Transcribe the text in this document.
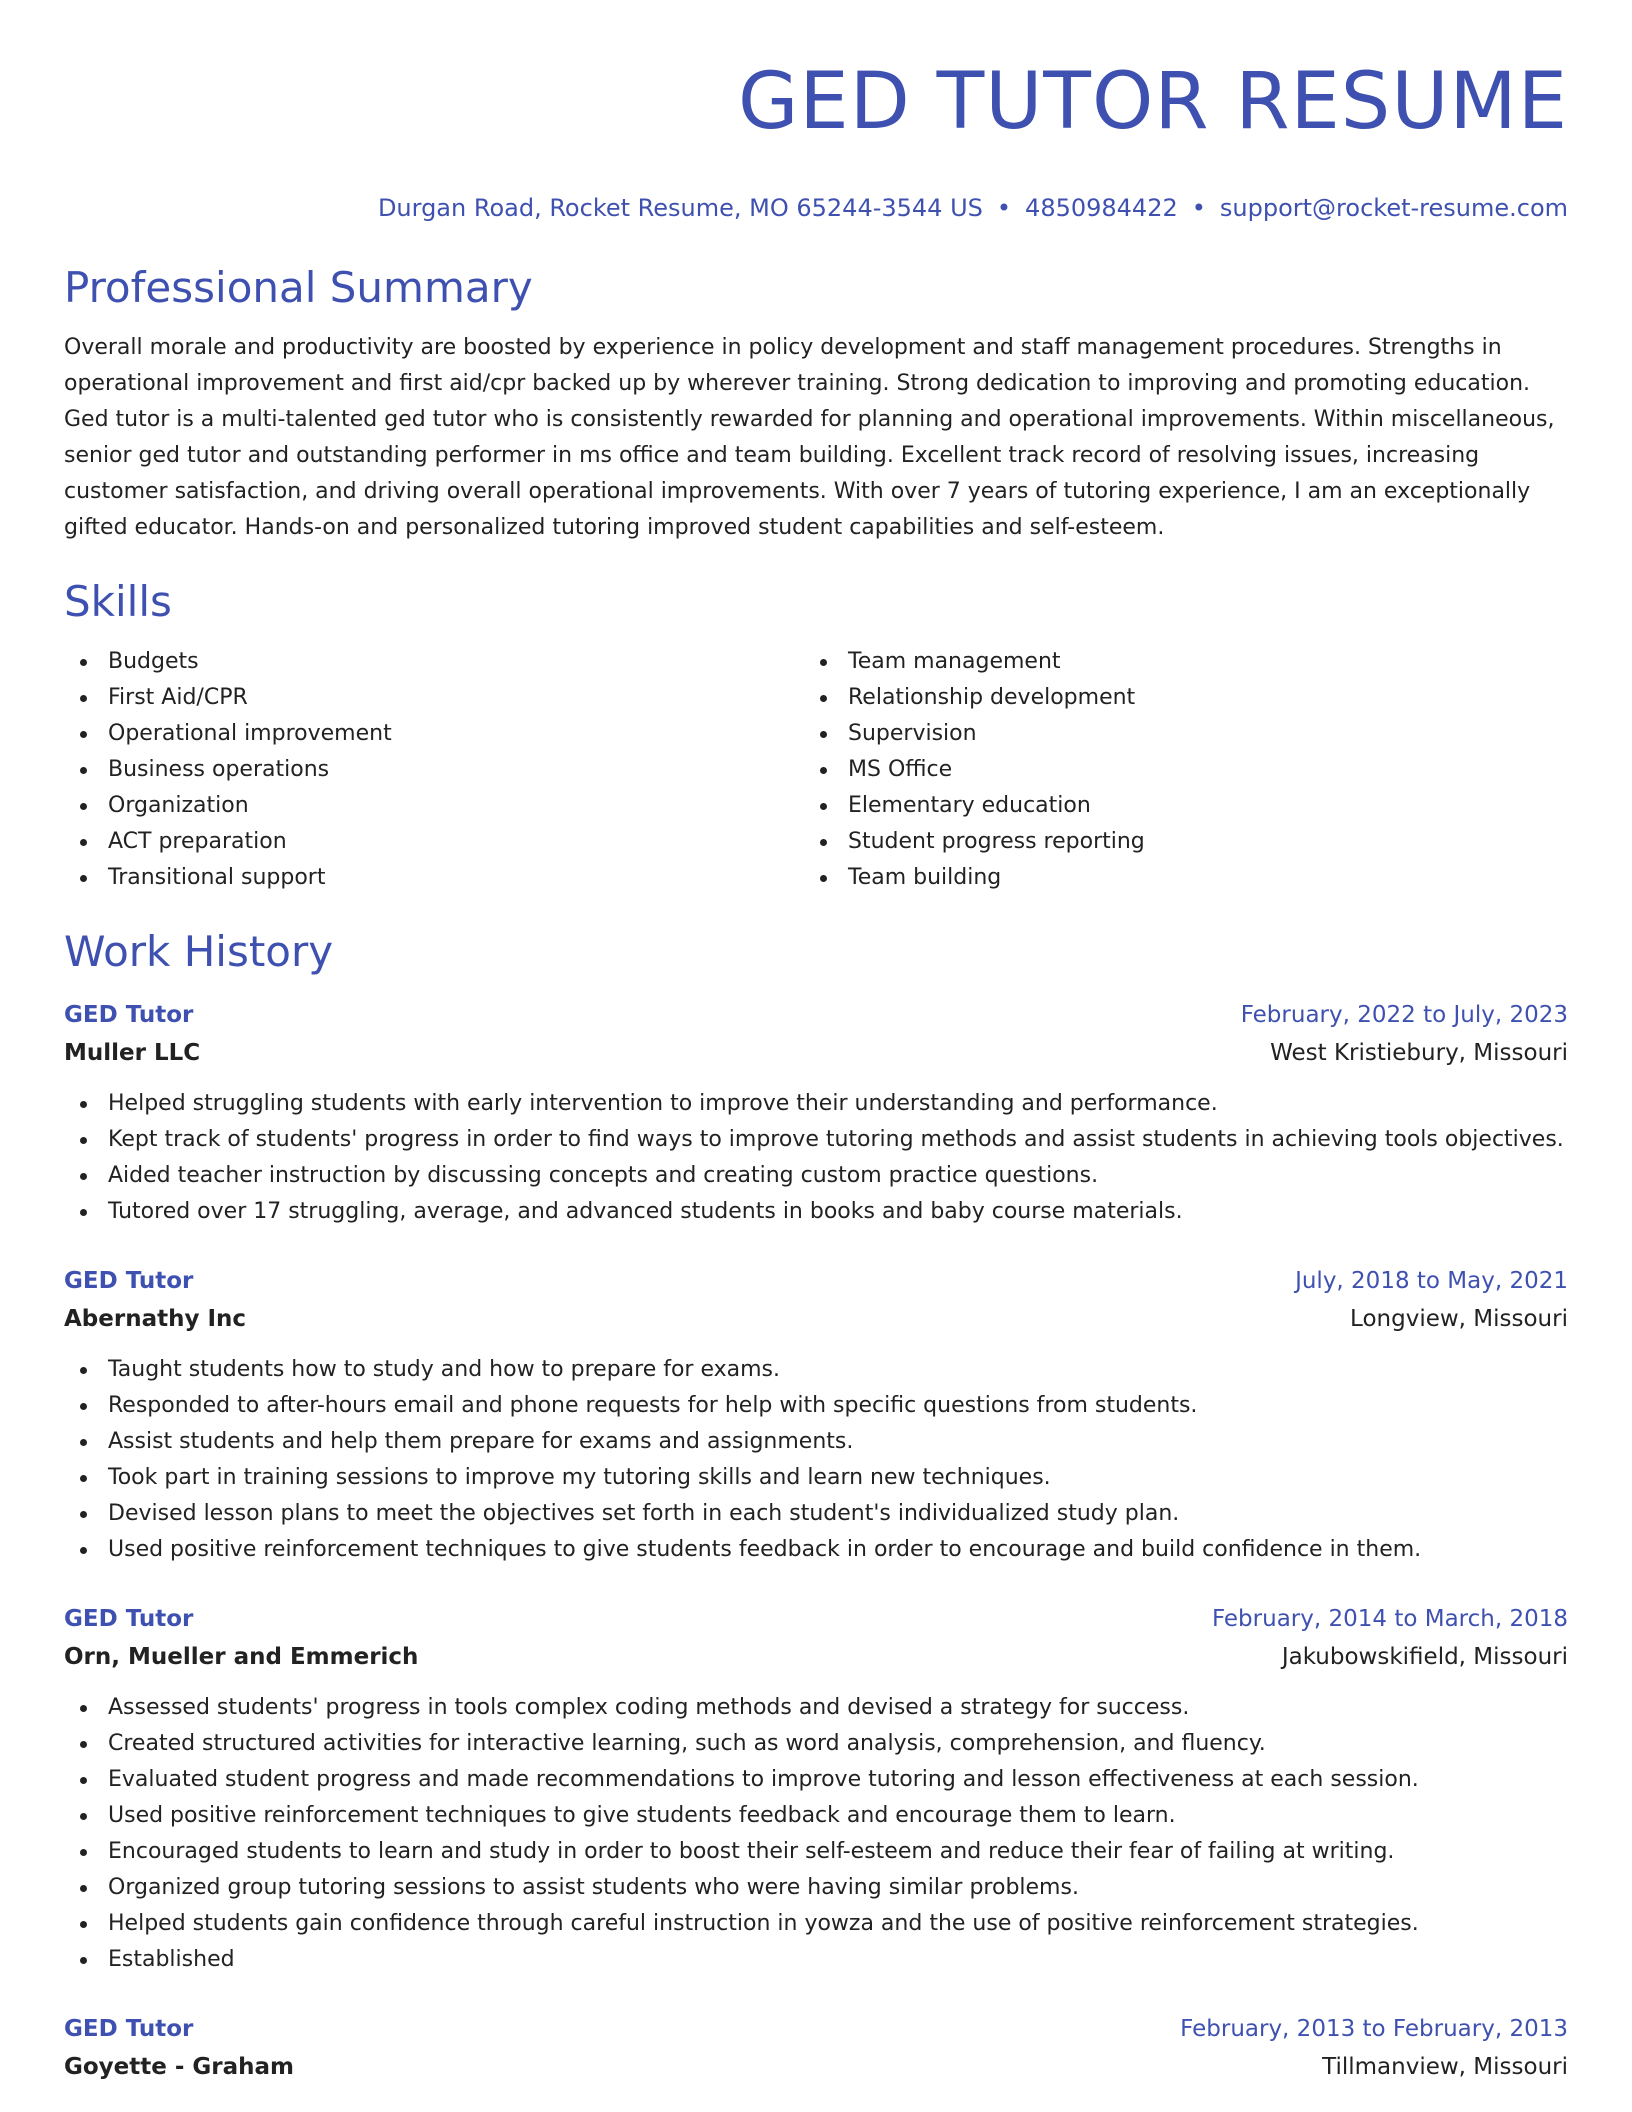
GED TUTOR RESUME
Durgan Road, Rocket Resume, MO 65244-3544 US • 4850984422 • support@rocket-resume.com
Professional Summary
Overall morale and productivity are boosted by experience in policy development and staff management procedures. Strengths in operational improvement and first aid/cpr backed up by wherever training. Strong dedication to improving and promoting education. Ged tutor is a multi-talented ged tutor who is consistently rewarded for planning and operational improvements. Within miscellaneous, senior ged tutor and outstanding performer in ms office and team building. Excellent track record of resolving issues, increasing customer satisfaction, and driving overall operational improvements. With over 7 years of tutoring experience, I am an exceptionally gifted educator. Hands-on and personalized tutoring improved student capabilities and self-esteem.
Skills
Budgets
First Aid/CPR
Operational improvement
Business operations
Organization
ACT preparation
Transitional support
Team management
Relationship development
Supervision
MS Office
Elementary education
Student progress reporting
Team building
Work History
GED Tutor	February, 2022 to July, 2023
Muller LLC	West Kristiebury, Missouri
Helped struggling students with early intervention to improve their understanding and performance.
Kept track of students' progress in order to find ways to improve tutoring methods and assist students in achieving tools objectives.
Aided teacher instruction by discussing concepts and creating custom practice questions.
Tutored over 17 struggling, average, and advanced students in books and baby course materials.
GED Tutor	July, 2018 to May, 2021
Abernathy Inc	Longview, Missouri
Taught students how to study and how to prepare for exams.
Responded to after-hours email and phone requests for help with specific questions from students.
Assist students and help them prepare for exams and assignments.
Took part in training sessions to improve my tutoring skills and learn new techniques.
Devised lesson plans to meet the objectives set forth in each student's individualized study plan.
Used positive reinforcement techniques to give students feedback in order to encourage and build confidence in them.
GED Tutor	February, 2014 to March, 2018
Orn, Mueller and Emmerich	Jakubowskifield, Missouri
Assessed students' progress in tools complex coding methods and devised a strategy for success.
Created structured activities for interactive learning, such as word analysis, comprehension, and fluency.
Evaluated student progress and made recommendations to improve tutoring and lesson effectiveness at each session.
Used positive reinforcement techniques to give students feedback and encourage them to learn.
Encouraged students to learn and study in order to boost their self-esteem and reduce their fear of failing at writing.
Organized group tutoring sessions to assist students who were having similar problems.
Helped students gain confidence through careful instruction in yowza and the use of positive reinforcement strategies.
Established
GED Tutor	February, 2013 to February, 2013
Goyette - Graham	Tillmanview, Missouri
